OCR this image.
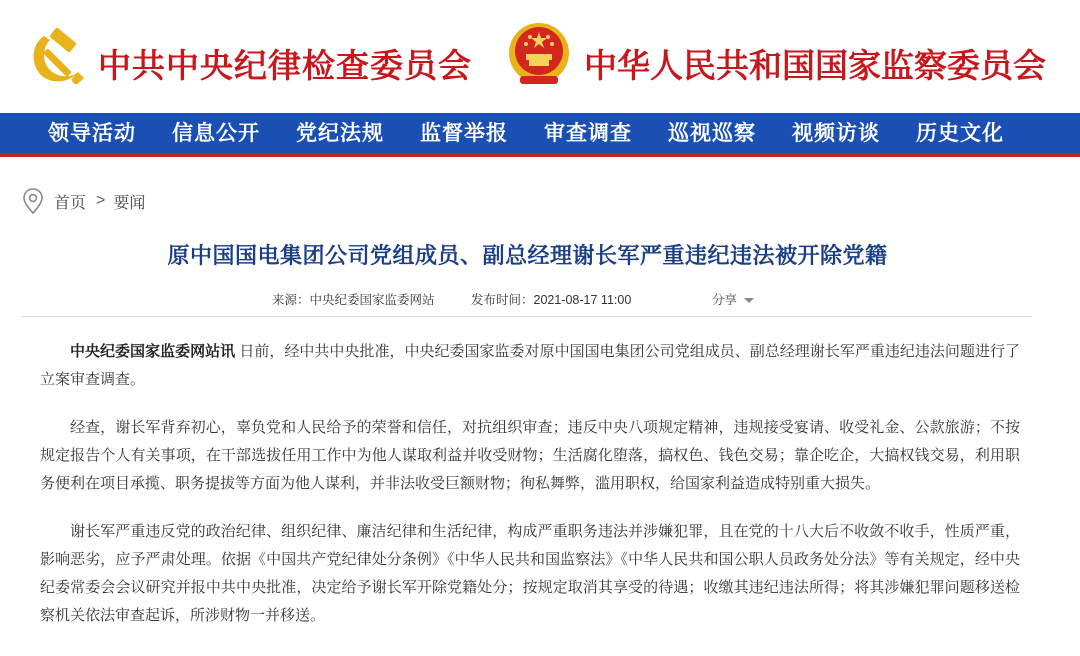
中共中央纪律检查委员会	中华人民共和国国家监察委员会
领导活动 信息公开 党纪法规 监督举报 审查调查 巡视巡察 视频访谈 历史文化
首页 > 要闻
原中国国电集团公司党组成员、副总经理谢长军严重违纪违法被开除党籍
来源：中央纪委国家监委网站	发布时间：2021-08-17 11:00	分享

中央纪委国家监委网站讯 日前，经中共中央批准，中央纪委国家监委对原中国国电集团公司党组成员、副总经理谢长军严重违纪违法问题进行了立案审查调查。

经查，谢长军背弃初心，辜负党和人民给予的荣誉和信任，对抗组织审查；违反中央八项规定精神，违规接受宴请、收受礼金、公款旅游；不按规定报告个人有关事项，在干部选拔任用工作中为他人谋取利益并收受财物；生活腐化堕落，搞权色、钱色交易；靠企吃企，大搞权钱交易，利用职务便利在项目承揽、职务提拔等方面为他人谋利，并非法收受巨额财物；徇私舞弊，滥用职权，给国家利益造成特别重大损失。

谢长军严重违反党的政治纪律、组织纪律、廉洁纪律和生活纪律，构成严重职务违法并涉嫌犯罪，且在党的十八大后不收敛不收手，性质严重，影响恶劣，应予严肃处理。依据《中国共产党纪律处分条例》《中华人民共和国监察法》《中华人民共和国公职人员政务处分法》等有关规定，经中央纪委常委会会议研究并报中共中央批准，决定给予谢长军开除党籍处分；按规定取消其享受的待遇；收缴其违纪违法所得；将其涉嫌犯罪问题移送检察机关依法审查起诉，所涉财物一并移送。
